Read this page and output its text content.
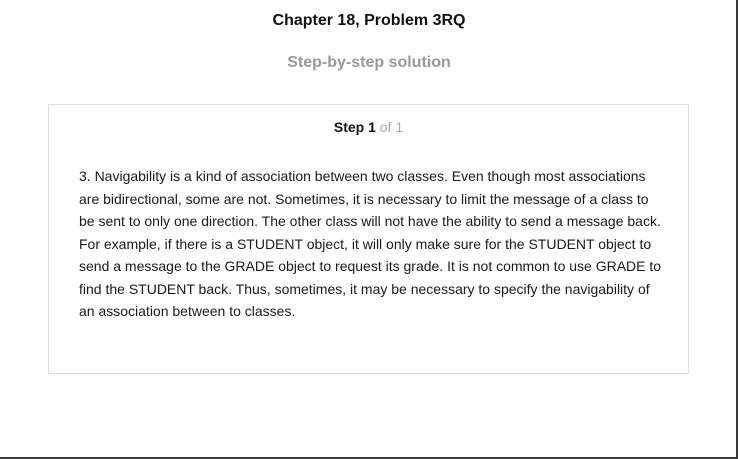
Chapter 18, Problem 3RQ
Step-by-step solution
Step 1 of 1

3. Navigability is a kind of association between two classes. Even though most associations are bidirectional, some are not. Sometimes, it is necessary to limit the message of a class to be sent to only one direction. The other class will not have the ability to send a message back. For example, if there is a STUDENT object, it will only make sure for the STUDENT object to send a message to the GRADE object to request its grade. It is not common to use GRADE to find the STUDENT back. Thus, sometimes, it may be necessary to specify the navigability of an association between to classes.
